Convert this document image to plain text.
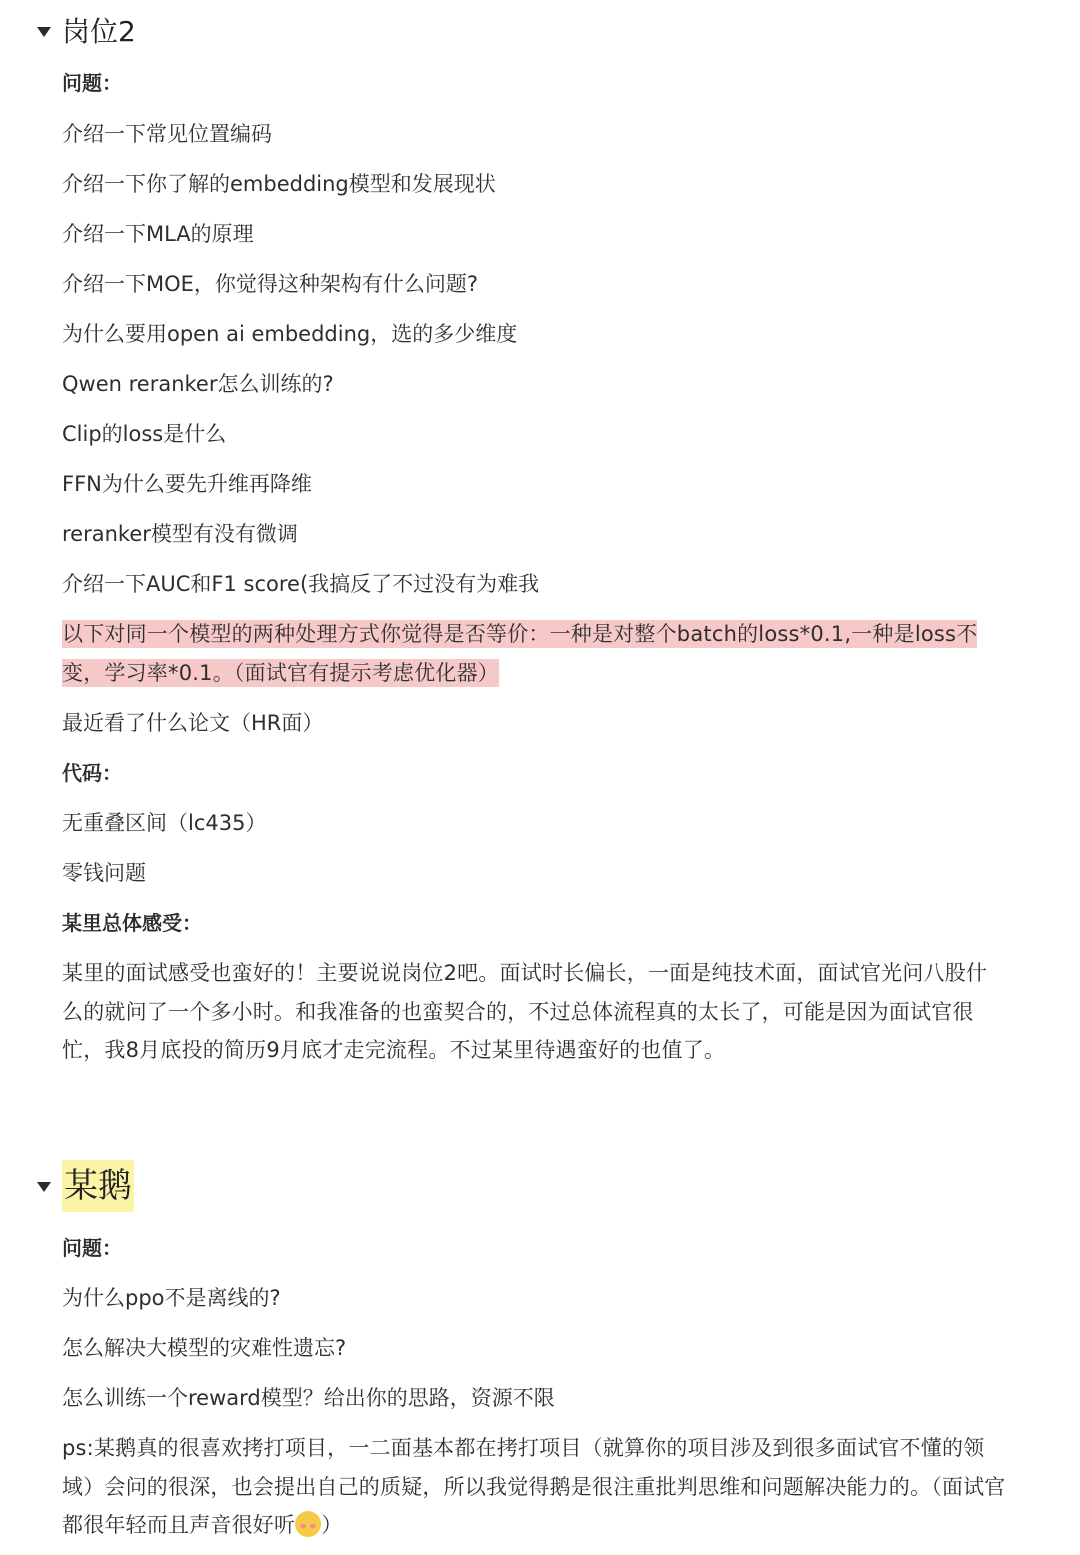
岗位2
问题：
介绍一下常见位置编码
介绍一下你了解的embedding模型和发展现状
介绍一下MLA的原理
介绍一下MOE，你觉得这种架构有什么问题?
为什么要用open ai embedding，选的多少维度
Qwen reranker怎么训练的?
Clip的loss是什么
FFN为什么要先升维再降维
reranker模型有没有微调
介绍一下AUC和F1 score(我搞反了不过没有为难我
以下对同一个模型的两种处理方式你觉得是否等价：一种是对整个batch的loss*0.1,一种是loss不变，学习率*0.1。（面试官有提示考虑优化器）
最近看了什么论文（HR面）
代码：
无重叠区间（lc435）
零钱问题
某里总体感受：
某里的面试感受也蛮好的！主要说说岗位2吧。面试时长偏长，一面是纯技术面，面试官光问八股什么的就问了一个多小时。和我准备的也蛮契合的，不过总体流程真的太长了，可能是因为面试官很忙，我8月底投的简历9月底才走完流程。不过某里待遇蛮好的也值了。
某鹅
问题：
为什么ppo不是离线的?
怎么解决大模型的灾难性遗忘?
怎么训练一个reward模型？给出你的思路，资源不限
ps:某鹅真的很喜欢拷打项目，一二面基本都在拷打项目（就算你的项目涉及到很多面试官不懂的领域）会问的很深，也会提出自己的质疑，所以我觉得鹅是很注重批判思维和问题解决能力的。（面试官都很年轻而且声音很好听 ）
